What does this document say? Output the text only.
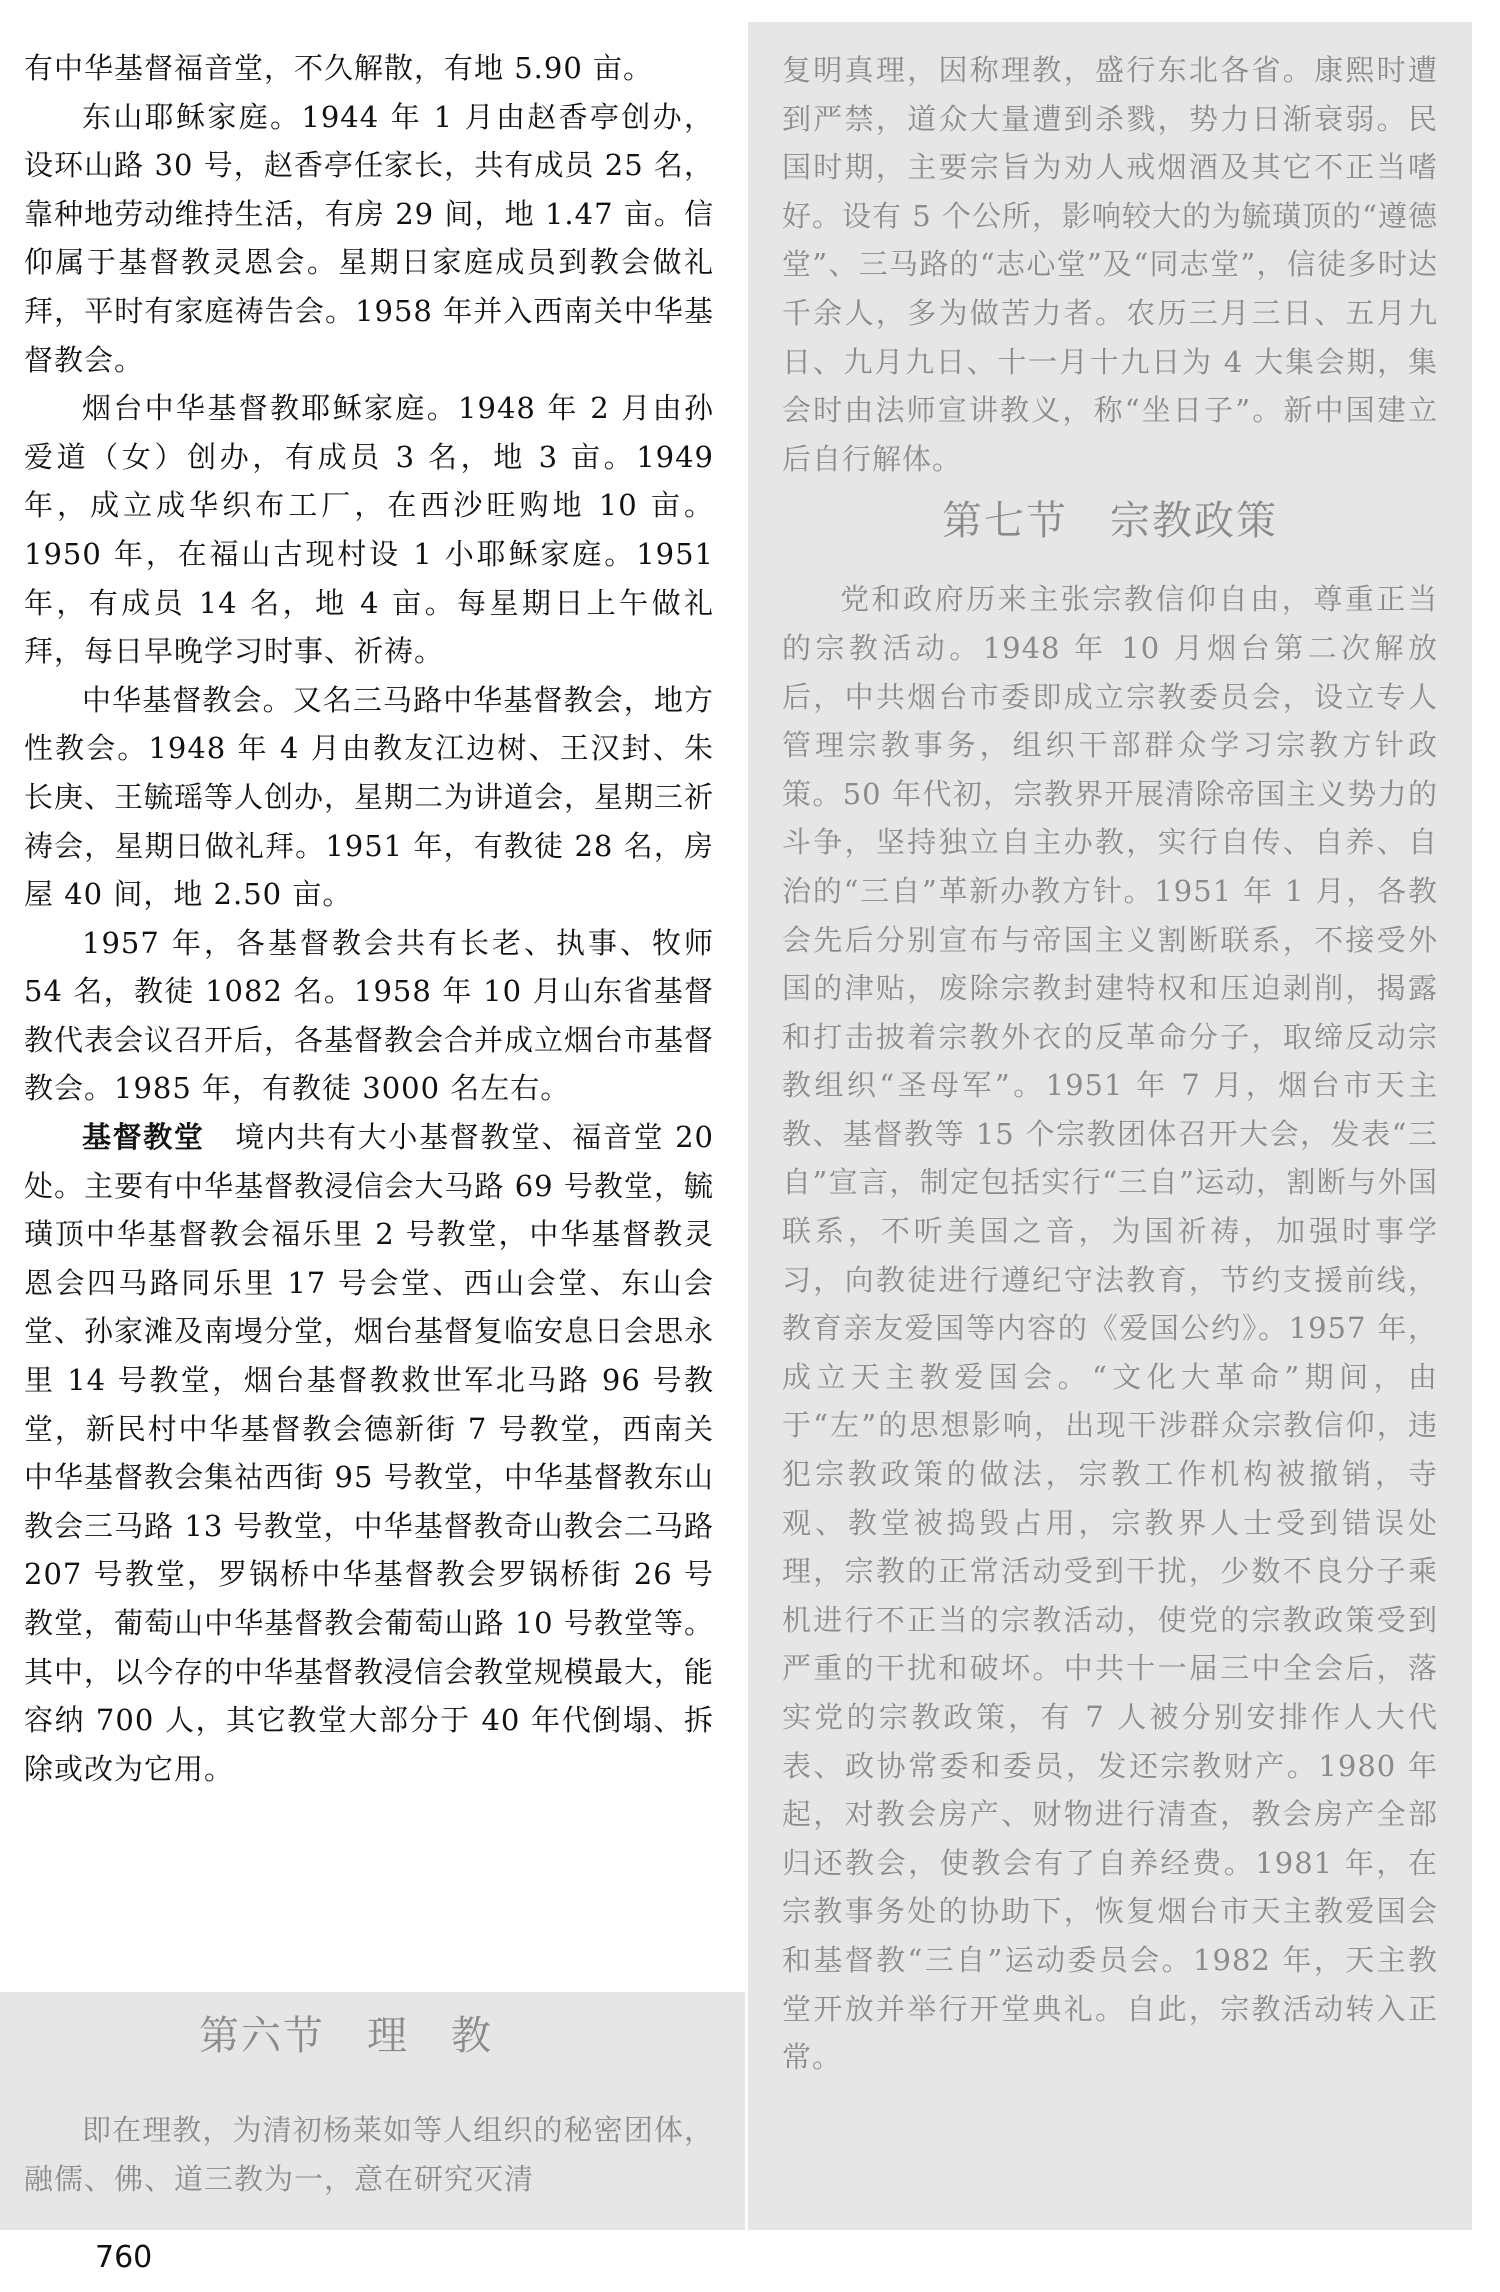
有中华基督福音堂，不久解散，有地 5.90 亩。

东山耶稣家庭。1944 年 1 月由赵香亭创办，设环山路 30 号，赵香亭任家长，共有成员 25 名，靠种地劳动维持生活，有房 29 间，地 1.47 亩。信仰属于基督教灵恩会。星期日家庭成员到教会做礼拜，平时有家庭祷告会。1958 年并入西南关中华基督教会。

烟台中华基督教耶稣家庭。1948 年 2 月由孙爱道（女）创办，有成员 3 名，地 3 亩。1949 年，成立成华织布工厂，在西沙旺购地 10 亩。1950 年，在福山古现村设 1 小耶稣家庭。1951 年，有成员 14 名，地 4 亩。每星期日上午做礼拜，每日早晚学习时事、祈祷。

中华基督教会。又名三马路中华基督教会，地方性教会。1948 年 4 月由教友江边树、王汉封、朱长庚、王毓瑶等人创办，星期二为讲道会，星期三祈祷会，星期日做礼拜。1951 年，有教徒 28 名，房屋 40 间，地 2.50 亩。

1957 年，各基督教会共有长老、执事、牧师 54 名，教徒 1082 名。1958 年 10 月山东省基督教代表会议召开后，各基督教会合并成立烟台市基督教会。1985 年，有教徒 3000 名左右。

基督教堂　境内共有大小基督教堂、福音堂 20 处。主要有中华基督教浸信会大马路 69 号教堂，毓璜顶中华基督教会福乐里 2 号教堂，中华基督教灵恩会四马路同乐里 17 号会堂、西山会堂、东山会堂、孙家滩及南墁分堂，烟台基督复临安息日会思永里 14 号教堂，烟台基督教救世军北马路 96 号教堂，新民村中华基督教会德新街 7 号教堂，西南关中华基督教会集祜西街 95 号教堂，中华基督教东山教会三马路 13 号教堂，中华基督教奇山教会二马路 207 号教堂，罗锅桥中华基督教会罗锅桥街 26 号教堂，葡萄山中华基督教会葡萄山路 10 号教堂等。其中，以今存的中华基督教浸信会教堂规模最大，能容纳 700 人，其它教堂大部分于 40 年代倒塌、拆除或改为它用。

第六节　理　教

即在理教，为清初杨莱如等人组织的秘密团体，融儒、佛、道三教为一，意在研究灭清

复明真理，因称理教，盛行东北各省。康熙时遭到严禁，道众大量遭到杀戮，势力日渐衰弱。民国时期，主要宗旨为劝人戒烟酒及其它不正当嗜好。设有 5 个公所，影响较大的为毓璜顶的“遵德堂”、三马路的“志心堂”及“同志堂”，信徒多时达千余人，多为做苦力者。农历三月三日、五月九日、九月九日、十一月十九日为 4 大集会期，集会时由法师宣讲教义，称“坐日子”。新中国建立后自行解体。

第七节　宗教政策

党和政府历来主张宗教信仰自由，尊重正当的宗教活动。1948 年 10 月烟台第二次解放后，中共烟台市委即成立宗教委员会，设立专人管理宗教事务，组织干部群众学习宗教方针政策。50 年代初，宗教界开展清除帝国主义势力的斗争，坚持独立自主办教，实行自传、自养、自治的“三自”革新办教方针。1951 年 1 月，各教会先后分别宣布与帝国主义割断联系，不接受外国的津贴，废除宗教封建特权和压迫剥削，揭露和打击披着宗教外衣的反革命分子，取缔反动宗教组织“圣母军”。1951 年 7 月，烟台市天主教、基督教等 15 个宗教团体召开大会，发表“三自”宣言，制定包括实行“三自”运动，割断与外国联系，不听美国之音，为国祈祷，加强时事学习，向教徒进行遵纪守法教育，节约支援前线，教育亲友爱国等内容的《爱国公约》。1957 年，成立天主教爱国会。“文化大革命”期间，由于“左”的思想影响，出现干涉群众宗教信仰，违犯宗教政策的做法，宗教工作机构被撤销，寺观、教堂被捣毁占用，宗教界人士受到错误处理，宗教的正常活动受到干扰，少数不良分子乘机进行不正当的宗教活动，使党的宗教政策受到严重的干扰和破坏。中共十一届三中全会后，落实党的宗教政策，有 7 人被分别安排作人大代表、政协常委和委员，发还宗教财产。1980 年起，对教会房产、财物进行清查，教会房产全部归还教会，使教会有了自养经费。1981 年，在宗教事务处的协助下，恢复烟台市天主教爱国会和基督教“三自”运动委员会。1982 年，天主教堂开放并举行开堂典礼。自此，宗教活动转入正常。

760
